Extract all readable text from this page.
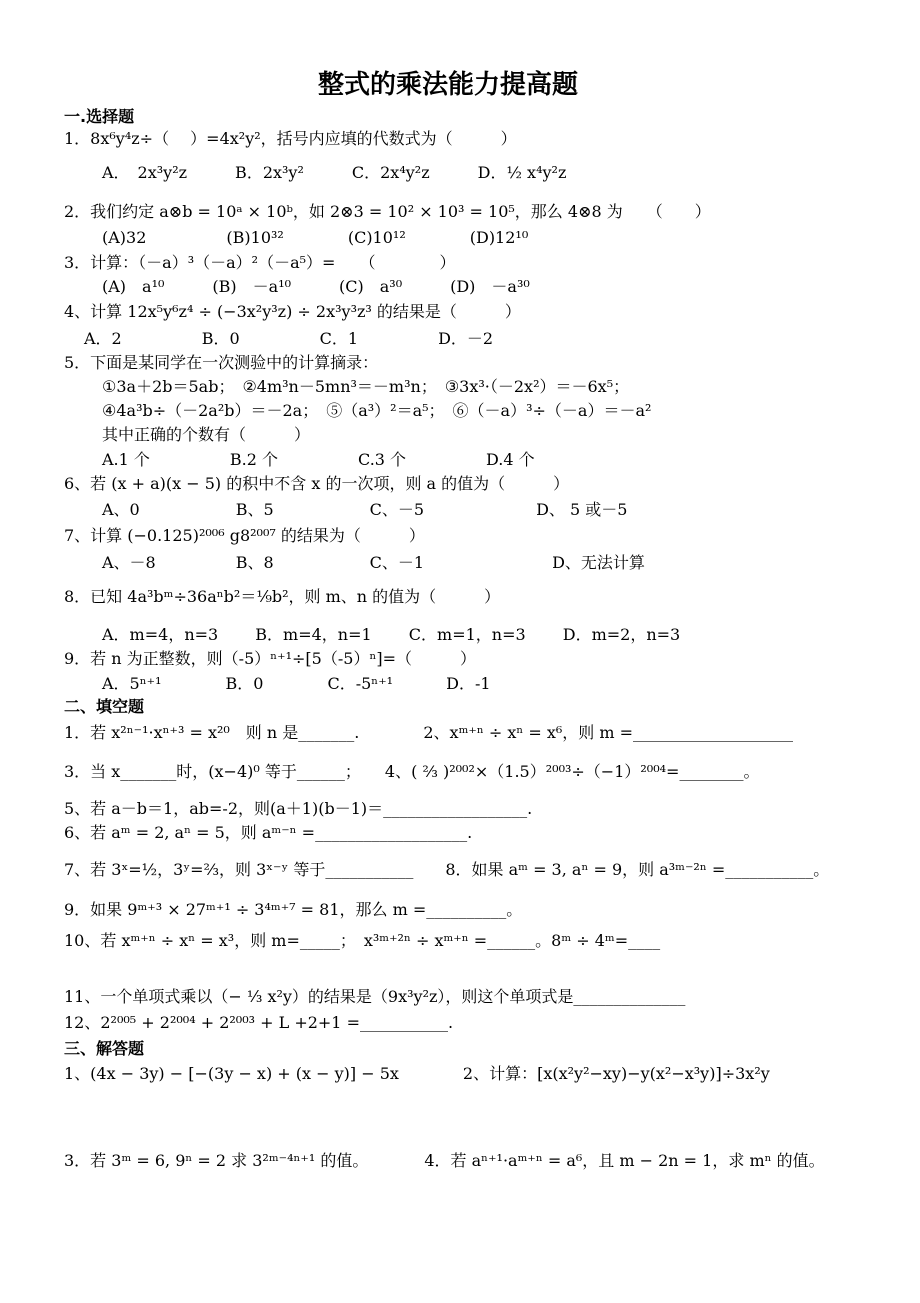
整式的乘法能力提高题
一.选择题
1．8x⁶y⁴z÷（　 ）=4x²y²，括号内应填的代数式为（　　　）
A．　2x³y²z　　　B．2x³y²　　　C．2x⁴y²z　　　D．½ x⁴y²z
2．我们约定 a⊗b = 10ᵃ × 10ᵇ，如 2⊗3 = 10² × 10³ = 10⁵，那么 4⊗8 为　　（　　）
(A)32　　　　　(B)10³²　　　　(C)10¹²　　　　(D)12¹⁰
3．计算：（－a）³（－a）²（－a⁵）=　　（　　　　）
(A)　a¹⁰　　　(B)　－a¹⁰　　　(C)　a³⁰　　　(D)　－a³⁰
4、计算 12x⁵y⁶z⁴ ÷ (−3x²y³z) ÷ 2x³y³z³ 的结果是（　　　）
A．2　　　　　B．0　　　　　C．1　　　　　D．－2
5．下面是某同学在一次测验中的计算摘录：
①3a＋2b＝5ab；　②4m³n－5mn³＝－m³n；　③3x³·（－2x²）＝－6x⁵；
④4a³b÷（－2a²b）＝－2a；　⑤（a³）²＝a⁵；　⑥（－a）³÷（－a）＝－a²
其中正确的个数有（　　　）
A.1 个　　　　　B.2 个　　　　　C.3 个　　　　　D.4 个
6、若 (x + a)(x − 5) 的积中不含 x 的一次项，则 a 的值为（　　　）
A、0　　　　　　B、5　　　　　　C、－5　　　　　　　D、 5 或－5
7、计算 (−0.125)²⁰⁰⁶ g8²⁰⁰⁷ 的结果为（　　　）
A、－8　　　　　B、8　　　　　　C、－1　　　　　　　　D、无法计算
8．已知 4a³bᵐ÷36aⁿb²＝⅑b²，则 m、n 的值为（　　　）
A．m=4，n=3　　 B．m=4，n=1　　 C．m=1，n=3　　 D．m=2，n=3
9．若 n 为正整数，则（-5）ⁿ⁺¹÷[5（-5）ⁿ]=（　　　）
A．5ⁿ⁺¹　　　　B．0　　　　C．-5ⁿ⁺¹　　　 D．-1
二、填空题
1．若 x²ⁿ⁻¹·xⁿ⁺³ = x²⁰　则 n 是_______.　　　　2、xᵐ⁺ⁿ ÷ xⁿ = x⁶，则 m =____________________
3．当 x_______时，(x−4)⁰ 等于______；　　4、( ⅔ )²⁰⁰²×（1.5）²⁰⁰³÷（−1）²⁰⁰⁴=________。
5、若 a－b＝1，ab=-2，则(a＋1)(b－1)＝__________________.
6、若 aᵐ = 2, aⁿ = 5，则 aᵐ⁻ⁿ =___________________.
7、若 3ˣ=½，3ʸ=⅔，则 3ˣ⁻ʸ 等于___________　　8．如果 aᵐ = 3, aⁿ = 9，则 a³ᵐ⁻²ⁿ =___________。
9．如果 9ᵐ⁺³ × 27ᵐ⁺¹ ÷ 3⁴ᵐ⁺⁷ = 81，那么 m =__________。
10、若 xᵐ⁺ⁿ ÷ xⁿ = x³，则 m=_____；　x³ᵐ⁺²ⁿ ÷ xᵐ⁺ⁿ =______。8ᵐ ÷ 4ᵐ=____
11、一个单项式乘以（− ⅓ x²y）的结果是（9x³y²z），则这个单项式是______________
12、2²⁰⁰⁵ + 2²⁰⁰⁴ + 2²⁰⁰³ + L +2+1 =___________.
三、解答题
1、(4x − 3y) − [−(3y − x) + (x − y)] − 5x　　　　2、计算：[x(x²y²−xy)−y(x²−x³y)]÷3x²y
3．若 3ᵐ = 6, 9ⁿ = 2 求 3²ᵐ⁻⁴ⁿ⁺¹ 的值。　　　　4．若 aⁿ⁺¹·aᵐ⁺ⁿ = a⁶，且 m − 2n = 1，求 mⁿ 的值。
